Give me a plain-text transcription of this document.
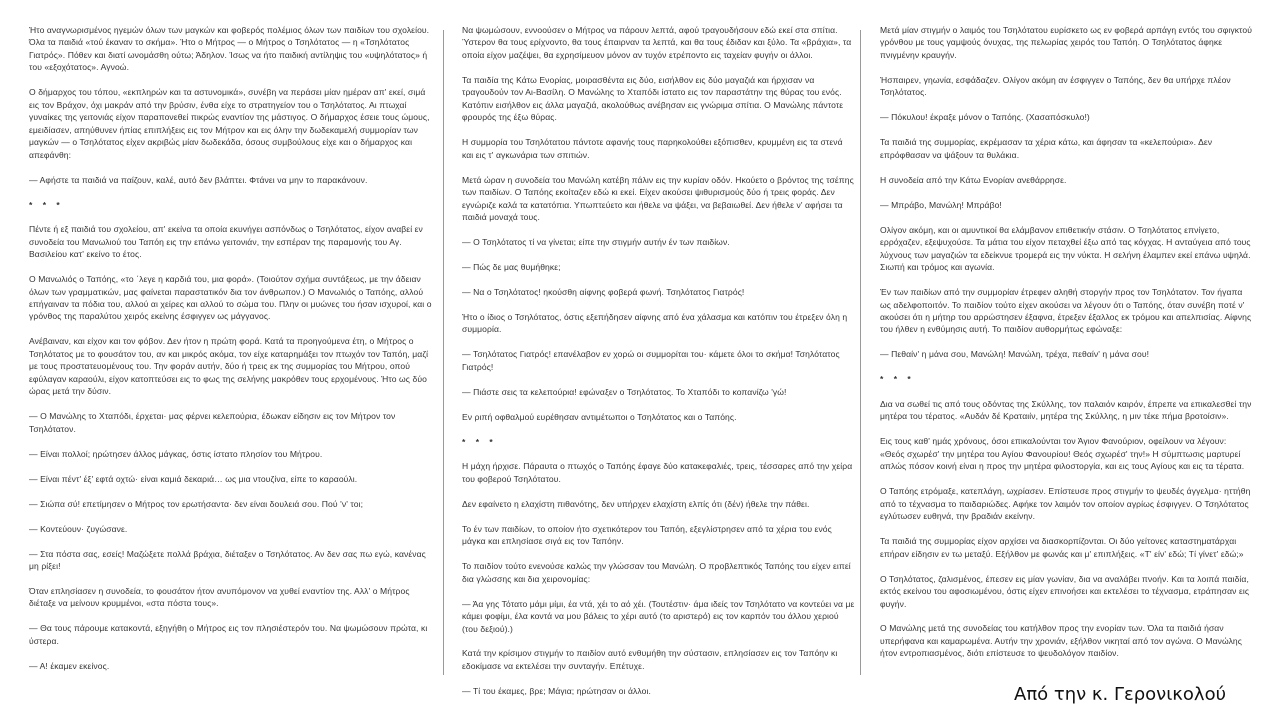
Ήτο αναγνωρισμένος ηγεμών όλων των μαγκών και φοβερός πολέμιος όλων των παιδίων του σχολείου. Όλα τα παιδιά «τού έκαναν το σκήμα». Ήτο ο Μήτρος — ο Μήτρος ο Τσηλότατος — η «Τσηλότατος Γιατρός». Πόθεν και διατί ωνομάσθη ούτω; Άδηλον. Ίσως να ήτο παιδική αντίληψις του «υψηλότατος» ή του «εξοχότατος». Αγνοώ.

Ο δήμαρχος του τόπου, «εκπληρών και τα αστυνομικά», συνέβη να περάσει μίαν ημέραν απ' εκεί, σιμά εις τον Βράχον, όχι μακράν από την βρύσιν, ένθα είχε το στρατηγείον του ο Τσηλότατος. Αι πτωχαί γυναίκες της γειτονιάς είχον παραπονεθεί πικρώς εναντίον της μάστιγος. Ο δήμαρχος έσειε τους ώμους, εμειδίασεν, απηύθυνεν ήπίας επιπλήξεις εις τον Μήτρον και εις όλην την δωδεκαμελή συμμορίαν των μαγκών — ο Τσηλότατος είχεν ακριβώς μίαν δωδεκάδα, όσους συμβούλους είχε και ο δήμαρχος και απεφάνθη:

— Αφήστε τα παιδιά να παίζουν, καλέ, αυτό δεν βλάπτει. Φτάνει να μην το παρακάνουν.

* * *

Πέντε ή εξ παιδιά του σχολείου, απ' εκείνα τα οποία εκυνήγει ασπόνδως ο Τσηλότατος, είχον αναβεί εν συνοδεία του Μανωλιού του Ταπόη εις την επάνω γειτονιάν, την εσπέραν της παραμονής του Αγ. Βασιλείου κατ' εκείνο το έτος.

Ο Μανωλιός ο Ταπόης, «το ΄λεγε η καρδιά του, μια φορά». (Τοιούτον σχήμα συντάξεως, με την άδειαν όλων των γραμματικών, μας φαίνεται παραστατικόν δια τον άνθρωπον.) Ο Μανωλιός ο Ταπόης, αλλού επήγαιναν τα πόδια του, αλλού αι χείρες και αλλού το σώμα του. Πλην οι μυώνες του ήσαν ισχυροί, και ο γρόνθος της παραλύτου χειρός εκείνης έσφιγγεν ως μάγγανος.

Ανέβαιναν, και είχον και τον φόβον. Δεν ήτον η πρώτη φορά. Κατά τα προηγούμενα έτη, ο Μήτρος ο Τσηλότατος με το φουσάτον του, αν και μικρός ακόμα, τον είχε καταρημάξει τον πτωχόν τον Ταπόη, μαζί με τους προστατευομένους του. Την φοράν αυτήν, δύο ή τρεις εκ της συμμορίας του Μήτρου, οπού εφύλαγαν καραούλι, είχον κατοπτεύσει εις το φως της σελήνης μακρόθεν τους ερχομένους. Ήτο ως δύο ώρας μετά την δύσιν.

— Ο Μανώλης το Χταπόδι, έρχεται· μας φέρνει κελεπούρια, έδωκαν είδησιν εις τον Μήτρον τον Τσηλότατον.

— Είναι πολλοί; ηρώτησεν άλλος μάγκας, όστις ίστατο πλησίον του Μήτρου.

— Είναι πέντ' έξ' εφτά οχτώ· είναι καμιά δεκαριά… ως μια ντουζίνα, είπε το καραούλι.

— Σιώπα σύ! επετίμησεν ο Μήτρος τον ερωτήσαντα· δεν είναι δουλειά σου. Πού 'ν' τοι;

— Κοντεύουν· ζυγώσανε.

— Στα πόστα σας, εσείς! Μαζώξετε πολλά βράχια, διέταξεν ο Τσηλότατος. Αν δεν σας πω εγώ, κανένας μη ρίξει!

Όταν επλησίασεν η συνοδεία, το φουσάτον ήτον ανυπόμονον να χυθεί εναντίον της. Αλλ' ο Μήτρος διέταξε να μείνουν κρυμμένοι, «στα πόστα τους».

— Θα τους πάρουμε κατακοντά, εξηγήθη ο Μήτρος εις τον πλησιέστερόν του. Να ψωμώσουν πρώτα, κι ύστερα.

— Α! έκαμεν εκείνος.

Να ψωμώσουν, εννοούσεν ο Μήτρος να πάρουν λεπτά, αφού τραγουδήσουν εδώ εκεί στα σπίτια. Ύστερον θα τους ερίχνοντο, θα τους έπαιρναν τα λεπτά, και θα τους έδιδαν και ξύλο. Τα «βράχια», τα οποία είχον μαζέψει, θα εχρησίμευον μόνον αν τυχόν ετρέποντο εις ταχείαν φυγήν οι άλλοι.

Τα παιδία της Κάτω Ενορίας, μοιρασθέντα εις δύο, εισήλθον εις δύο μαγαζιά και ήρχισαν να τραγουδούν τον Αι-Βασίλη. Ο Μανώλης το Χταπόδι ίστατο εις τον παραστάτην της θύρας του ενός. Κατόπιν εισήλθον εις άλλα μαγαζιά, ακολούθως ανέβησαν εις γνώριμα σπίτια. Ο Μανώλης πάντοτε φρουρός της έξω θύρας.

Η συμμορία του Τσηλότατου πάντοτε αφανής τους παρηκολούθει εξόπισθεν, κρυμμένη εις τα στενά και εις τ' αγκωνάρια των σπιτιών.

Μετά ώραν η συνοδεία του Μανώλη κατέβη πάλιν εις την κυρίαν οδόν. Ηκούετο ο βρόντος της τσέπης των παιδίων. Ο Ταπόης εκοίταζεν εδώ κι εκεί. Είχεν ακούσει ψιθυρισμούς δύο ή τρεις φοράς. Δεν εγνώριζε καλά τα κατατόπια. Υπωπτεύετο και ήθελε να ψάξει, να βεβαιωθεί. Δεν ήθελε ν' αφήσει τα παιδιά μοναχά τους.

— Ο Τσηλότατος τί να γίνεται; είπε την στιγμήν αυτήν έν των παιδίων.

— Πώς δε μας θυμήθηκε;

— Να ο Τσηλότατος! ηκούσθη αίφνης φοβερά φωνή. Τσηλότατος Γιατρός!

Ήτο ο ίδιος ο Τσηλότατος, όστις εξεπήδησεν αίφνης από ένα χάλασμα και κατόπιν του έτρεξεν όλη η συμμορία.

— Τσηλότατος Γιατρός! επανέλαβον εν χορώ οι συμμορίται του· κάμετε όλοι το σκήμα! Τσηλότατος Γιατρός!

— Πιάστε σεις τα κελεπούρια! εφώναξεν ο Τσηλότατος. Το Χταπόδι το κοπανίζω 'γώ!

Εν ριπή οφθαλμού ευρέθησαν αντιμέτωποι ο Τσηλότατος και ο Ταπόης.

* * *

Η μάχη ήρχισε. Πάραυτα ο πτωχός ο Ταπόης έφαγε δύο κατακεφαλιές, τρεις, τέσσαρες από την χείρα του φοβερού Τσηλότατου.

Δεν εφαίνετο η ελαχίστη πιθανότης, δεν υπήρχεν ελαχίστη ελπίς ότι (δέν) ήθελε την πάθει.

Το έν των παιδίων, το οποίον ήτο σχετικότερον του Ταπόη, εξεγλίστρησεν από τα χέρια του ενός μάγκα και επλησίασε σιγά εις τον Ταπόην.

Το παιδίον τούτο ενενούσε καλώς την γλώσσαν του Μανώλη. Ο προβλεπτικός Ταπόης του είχεν ειπεί δια γλώσσης και δια χειρονομίας:

— Άα γης Τότατο μάμι μίμι, έα ντά, χέι το αό χέι. (Τουτέστιν· άμα ιδείς τον Τσηλότατο να κοντεύει να με κάμει φοφίμι, έλα κοντά να μου βάλεις το χέρι αυτό (το αριστερό) εις τον καρπόν του άλλου χεριού (του δεξιού).)

Κατά την κρίσιμον στιγμήν το παιδίον αυτό ενθυμήθη την σύστασιν, επλησίασεν εις τον Ταπόην κι εδοκίμασε να εκτελέσει την συνταγήν. Επέτυχε.

— Τί του έκαμες, βρε; Μάγια; ηρώτησαν οι άλλοι.

Μετά μίαν στιγμήν ο λαιμός του Τσηλότατου ευρίσκετο ως εν φοβερά αρπάγη εντός του σφιγκτού γρόνθου με τους γαμψούς όνυχας, της πελωρίας χειρός του Ταπόη. Ο Τσηλότατος άφηκε πνιγμένην κραυγήν.

Ήσπαιρεν, γηωνία, εσφάδαζεν. Ολίγον ακόμη αν έσφιγγεν ο Ταπόης, δεν θα υπήρχε πλέον Τσηλότατος.

— Πόκυλου! έκραξε μόνον ο Ταπόης. (Χασαπόσκυλο!)

Τα παιδιά της συμμορίας, εκρέμασαν τα χέρια κάτω, και άφησαν τα «κελεπούρια». Δεν επρόφθασαν να ψάξουν τα θυλάκια.

Η συνοδεία από την Κάτω Ενορίαν ανεθάρρησε.

— Μπράβο, Μανώλη! Μπράβο!

Ολίγον ακόμη, και οι αμυντικοί θα ελάμβανον επιθετικήν στάσιν. Ο Τσηλότατος επνίγετο, ερρόχαζεν, εξεψυχούσε. Τα μάτια του είχον πεταχθεί έξω από τας κόγχας. Η ανταύγεια από τους λύχνους των μαγαζιών τα εδείκνυε τρομερά εις την νύκτα. Η σελήνη έλαμπεν εκεί επάνω υψηλά. Σιωπή και τρόμος και αγωνία.

Έν των παιδίων από την συμμορίαν έτρεφεν αληθή στοργήν προς τον Τσηλότατον. Τον ήγαπα ως αδελφοποιτόν. Το παιδίον τούτο είχεν ακούσει να λέγουν ότι ο Ταπόης, όταν συνέβη ποτέ ν' ακούσει ότι η μήτηρ του αρρώστησεν έξαφνα, έτρεξεν έξαλλος εκ τρόμου και απελπισίας. Αίφνης του ήλθεν η ενθύμησις αυτή. Το παιδίον αυθορμήτως εφώναξε:

— Πεθαίν' η μάνα σου, Μανώλη! Μανώλη, τρέχα, πεθαίν' η μάνα σου!

* * *

Δια να σωθεί τις από τους οδόντας της Σκύλλης, τον παλαιόν καιρόν, έπρεπε να επικαλεσθεί την μητέρα του τέρατος. «Αυδάν δέ Κραταιίν, μητέρα της Σκύλλης, η μιν τέκε πήμα βροτοίσιν».

Εις τους καθ' ημάς χρόνους, όσοι επικαλούνται τον Άγιον Φανούριον, οφείλουν να λέγουν: «Θεός σχωρέσ' την μητέρα του Αγίου Φανουρίου! Θεός σχωρέσ' την!» Η σύμπτωσις μαρτυρεί απλώς πόσον κοινή είναι η προς την μητέρα φιλοστοργία, και εις τους Αγίους και εις τα τέρατα.

Ο Ταπόης ετρόμαξε, κατεπλάγη, ωχρίασεν. Επίστευσε προς στιγμήν το ψευδές άγγελμα· ηττήθη από το τέχνασμα το παιδαριώδες. Αφήκε τον λαιμόν τον οποίον αγρίως έσφιγγεν. Ο Τσηλότατος εγλύτωσεν ευθηνά, την βραδιάν εκείνην.

Τα παιδιά της συμμορίας είχον αρχίσει να διασκορπίζονται. Οι δύο γείτονες καταστηματάρχαι επήραν είδησιν εν τω μεταξύ. Εξήλθον με φωνάς και μ' επιπλήξεις. «Τ' είν' εδώ; Τί γίνετ' εδώ;»

Ο Τσηλότατος, ζαλισμένος, έπεσεν εις μίαν γωνίαν, δια να αναλάβει πνοήν. Και τα λοιπά παιδία, εκτός εκείνου του αφοσιωμένου, όστις είχεν επινοήσει και εκτελέσει το τέχνασμα, ετράπησαν εις φυγήν.

Ο Μανώλης μετά της συνοδείας του κατήλθον προς την ενορίαν των. Όλα τα παιδιά ήσαν υπερήφανα και καμαρωμένα. Αυτήν την χρονιάν, εξήλθον νικηταί από τον αγώνα. Ο Μανώλης ήτον εντροπιασμένος, διότι επίστευσε το ψευδολόγον παιδίον.

Από την κ. Γερονικολού
